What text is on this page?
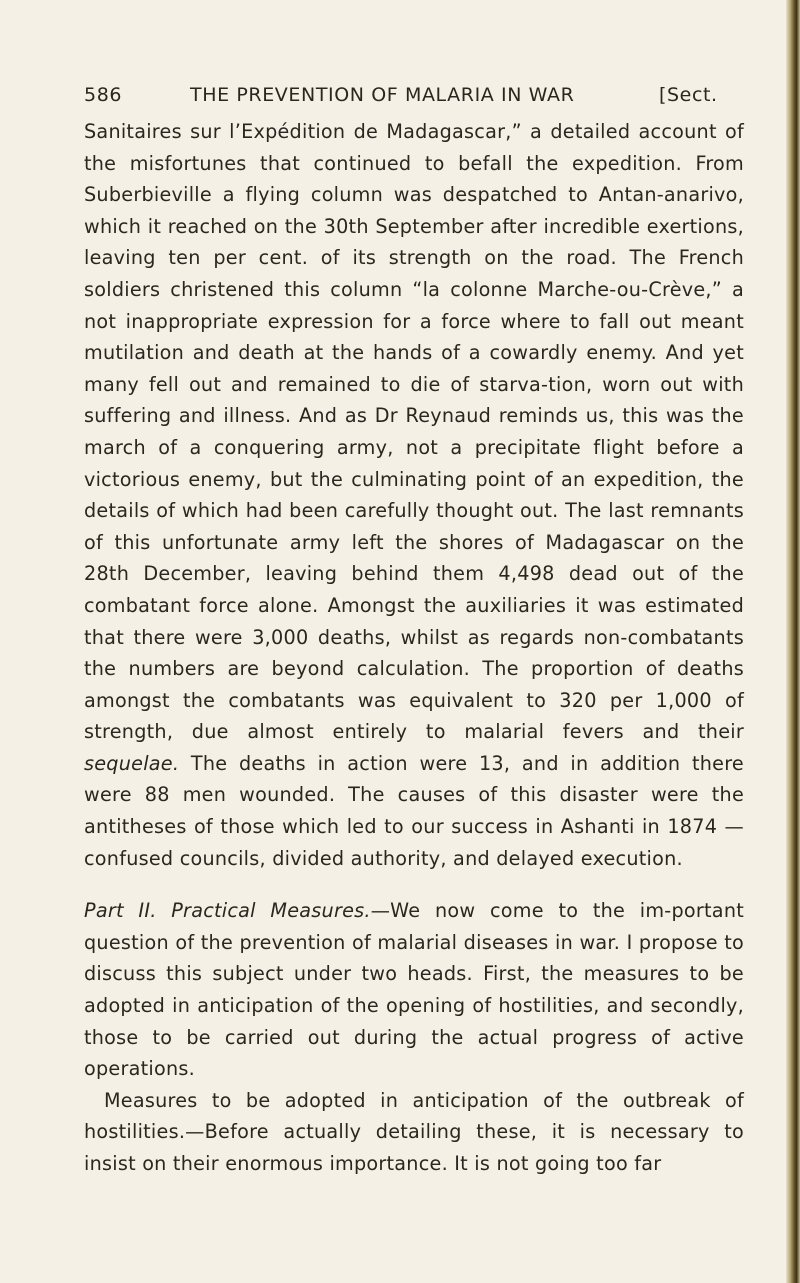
586	THE PREVENTION OF MALARIA IN WAR	[Sect.

Sanitaires sur l’Expédition de Madagascar,” a detailed account of the misfortunes that continued to befall the expedition. From Suberbieville a flying column was despatched to Antan-anarivo, which it reached on the 30th September after incredible exertions, leaving ten per cent. of its strength on the road. The French soldiers christened this column “la colonne Marche-ou-Crève,” a not inappropriate expression for a force where to fall out meant mutilation and death at the hands of a cowardly enemy. And yet many fell out and remained to die of starva-tion, worn out with suffering and illness. And as Dr Reynaud reminds us, this was the march of a conquering army, not a precipitate flight before a victorious enemy, but the culminating point of an expedition, the details of which had been carefully thought out. The last remnants of this unfortunate army left the shores of Madagascar on the 28th December, leaving behind them 4,498 dead out of the combatant force alone. Amongst the auxiliaries it was estimated that there were 3,000 deaths, whilst as regards non-combatants the numbers are beyond calculation. The proportion of deaths amongst the combatants was equivalent to 320 per 1,000 of strength, due almost entirely to malarial fevers and their sequelae. The deaths in action were 13, and in addition there were 88 men wounded. The causes of this disaster were the antitheses of those which led to our success in Ashanti in 1874 — confused councils, divided authority, and delayed execution.

Part II. Practical Measures.—We now come to the im-portant question of the prevention of malarial diseases in war. I propose to discuss this subject under two heads. First, the measures to be adopted in anticipation of the opening of hostilities, and secondly, those to be carried out during the actual progress of active operations.

Measures to be adopted in anticipation of the outbreak of hostilities.—Before actually detailing these, it is necessary to insist on their enormous importance. It is not going too far
